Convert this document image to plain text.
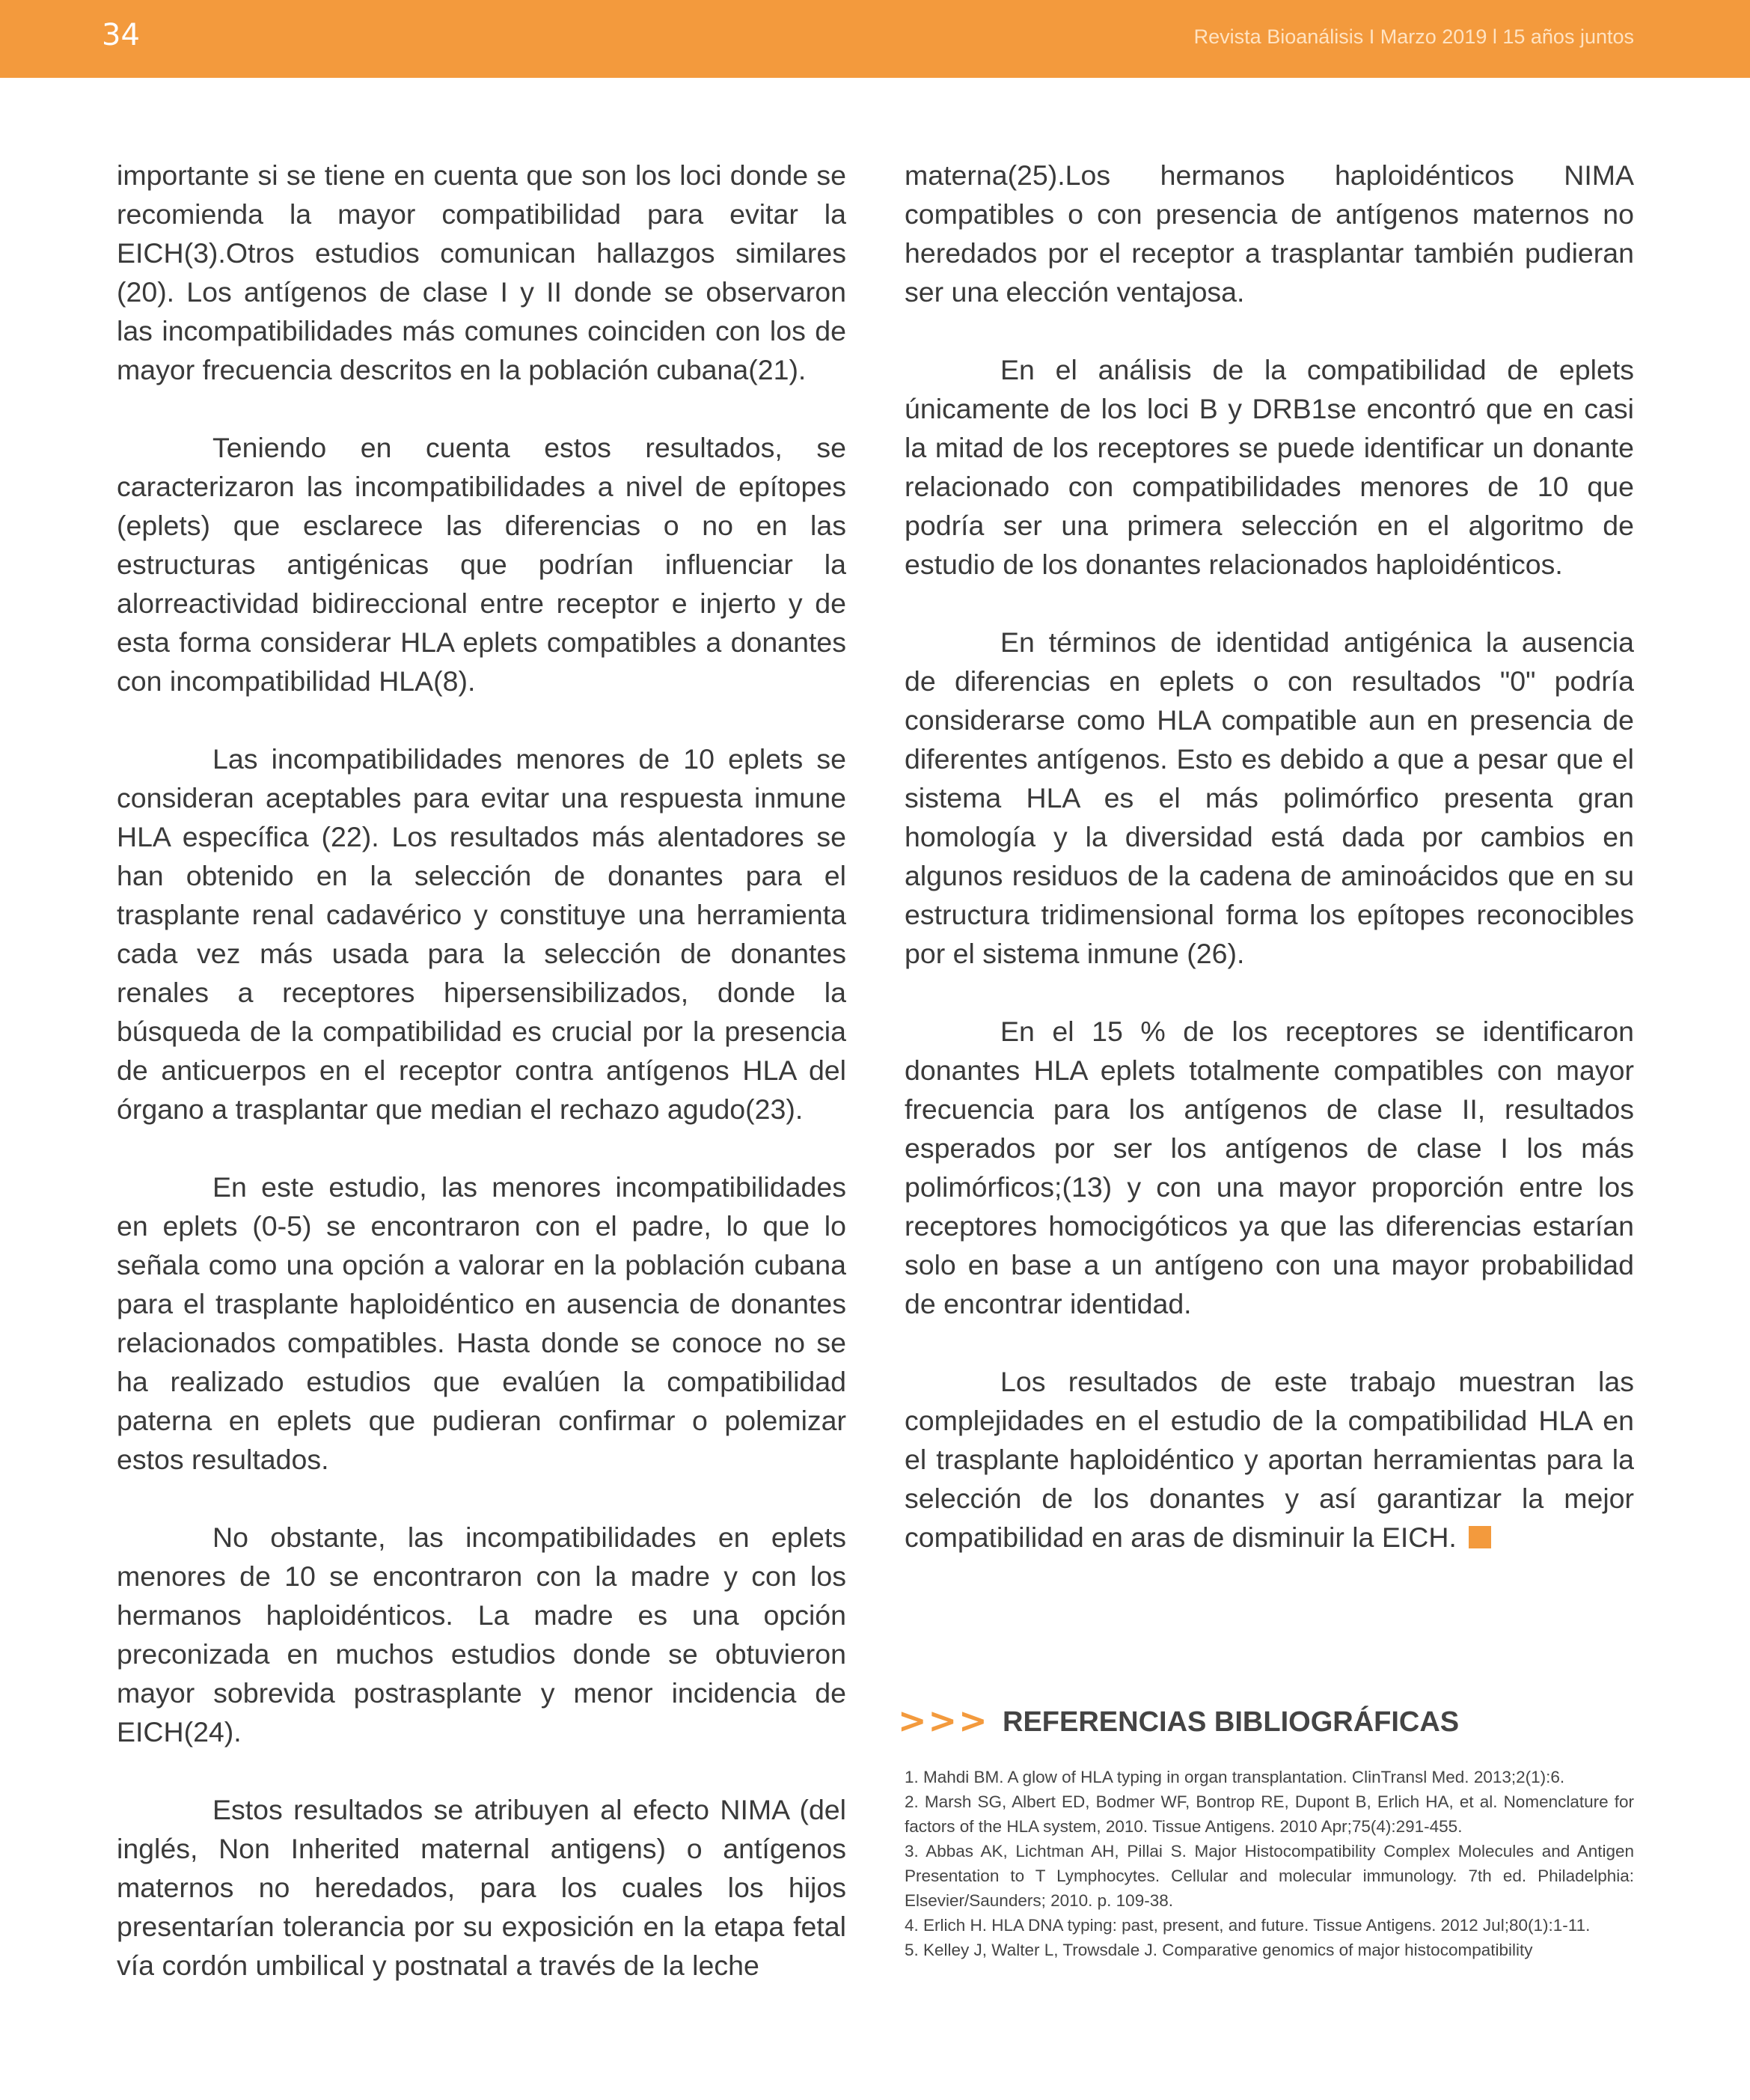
34	Revista Bioanálisis I Marzo 2019 l 15 años juntos

importante si se tiene en cuenta que son los loci donde se recomienda la mayor compatibilidad para evitar la EICH(3).Otros estudios comunican hallazgos similares (20). Los antígenos de clase I y II donde se observaron las incompatibilidades más comunes coinciden con los de mayor frecuencia descritos en la población cubana(21).

Teniendo en cuenta estos resultados, se caracterizaron las incompatibilidades a nivel de epítopes (eplets) que esclarece las diferencias o no en las estructuras antigénicas que podrían influenciar la alorreactividad bidireccional entre receptor e injerto y de esta forma considerar HLA eplets compatibles a donantes con incompatibilidad HLA(8).

Las incompatibilidades menores de 10 eplets se consideran aceptables para evitar una respuesta inmune HLA específica (22). Los resultados más alentadores se han obtenido en la selección de donantes para el trasplante renal cadavérico y constituye una herramienta cada vez más usada para la selección de donantes renales a receptores hipersensibilizados, donde la búsqueda de la compatibilidad es crucial por la presencia de anticuerpos en el receptor contra antígenos HLA del órgano a trasplantar que median el rechazo agudo(23).

En este estudio, las menores incompatibilidades en eplets (0-5) se encontraron con el padre, lo que lo señala como una opción a valorar en la población cubana para el trasplante haploidéntico en ausencia de donantes relacionados compatibles. Hasta donde se conoce no se ha realizado estudios que evalúen la compatibilidad paterna en eplets que pudieran confirmar o polemizar estos resultados.

No obstante, las incompatibilidades en eplets menores de 10 se encontraron con la madre y con los hermanos haploidénticos. La madre es una opción preconizada en muchos estudios donde se obtuvieron mayor sobrevida postrasplante y menor incidencia de EICH(24).

Estos resultados se atribuyen al efecto NIMA (del inglés, Non Inherited maternal antigens) o antígenos maternos no heredados, para los cuales los hijos presentarían tolerancia por su exposición en la etapa fetal vía cordón umbilical y postnatal a través de la leche

materna(25).Los hermanos haploidénticos NIMA compatibles o con presencia de antígenos maternos no heredados por el receptor a trasplantar también pudieran ser una elección ventajosa.

En el análisis de la compatibilidad de eplets únicamente de los loci B y DRB1se encontró que en casi la mitad de los receptores se puede identificar un donante relacionado con compatibilidades menores de 10 que podría ser una primera selección en el algoritmo de estudio de los donantes relacionados haploidénticos.

En términos de identidad antigénica la ausencia de diferencias en eplets o con resultados "0" podría considerarse como HLA compatible aun en presencia de diferentes antígenos. Esto es debido a que a pesar que el sistema HLA es el más polimórfico presenta gran homología y la diversidad está dada por cambios en algunos residuos de la cadena de aminoácidos que en su estructura tridimensional forma los epítopes reconocibles por el sistema inmune (26).

En el 15 % de los receptores se identificaron donantes HLA eplets totalmente compatibles con mayor frecuencia para los antígenos de clase II, resultados esperados por ser los antígenos de clase I los más polimórficos;(13) y con una mayor proporción entre los receptores homocigóticos ya que las diferencias estarían solo en base a un antígeno con una mayor probabilidad de encontrar identidad.

Los resultados de este trabajo muestran las complejidades en el estudio de la compatibilidad HLA en el trasplante haploidéntico y aportan herramientas para la selección de los donantes y así garantizar la mejor compatibilidad en aras de disminuir la EICH.

>>> REFERENCIAS BIBLIOGRÁFICAS

1. Mahdi BM. A glow of HLA typing in organ transplantation. ClinTransl Med. 2013;2(1):6.

2. Marsh SG, Albert ED, Bodmer WF, Bontrop RE, Dupont B, Erlich HA, et al. Nomenclature for factors of the HLA system, 2010. Tissue Antigens. 2010 Apr;75(4):291-455.

3. Abbas AK, Lichtman AH, Pillai S. Major Histocompatibility Complex Molecules and Antigen Presentation to T Lymphocytes. Cellular and molecular immunology. 7th ed. Philadelphia: Elsevier/Saunders; 2010. p. 109-38.

4. Erlich H. HLA DNA typing: past, present, and future. Tissue Antigens. 2012 Jul;80(1):1-11.

5. Kelley J, Walter L, Trowsdale J. Comparative genomics of major histocompatibility
